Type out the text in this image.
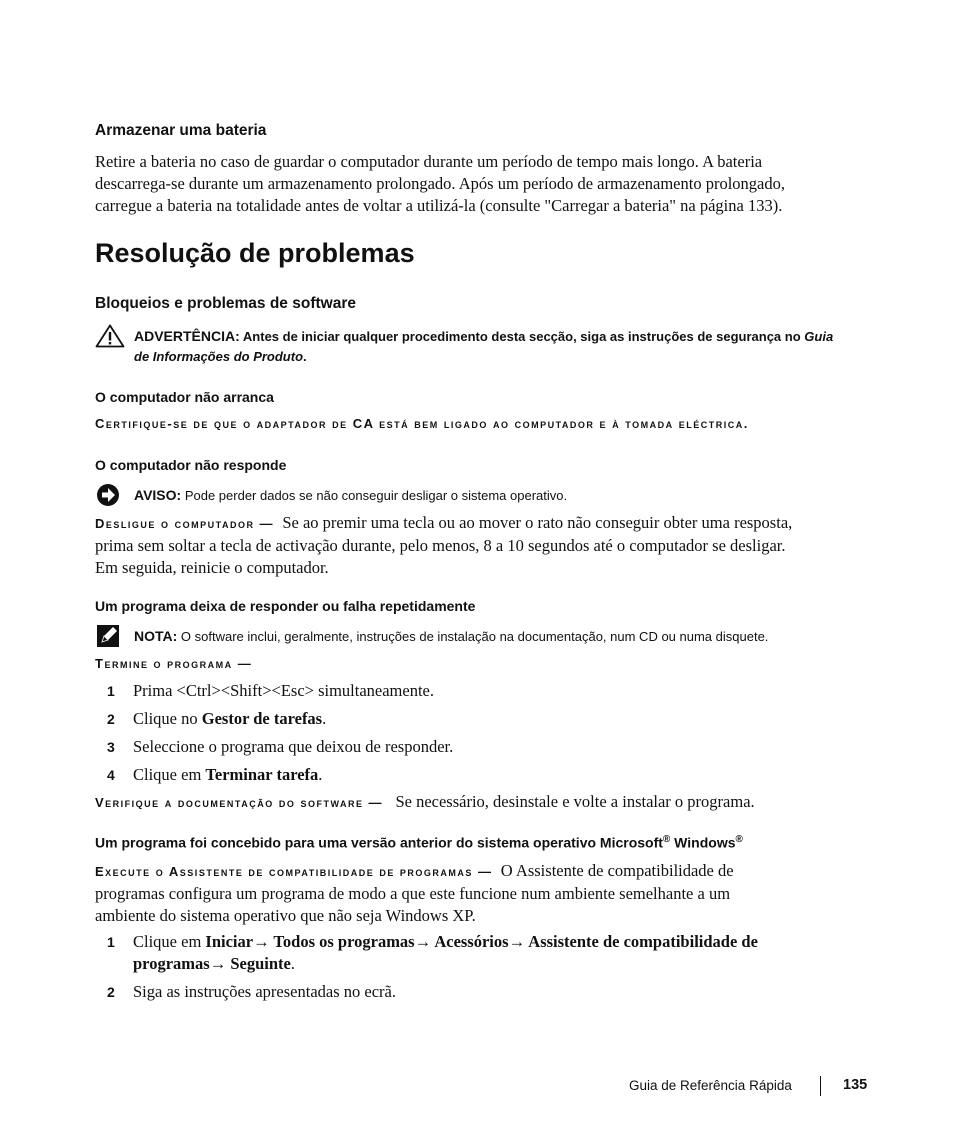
Armazenar uma bateria
Retire a bateria no caso de guardar o computador durante um período de tempo mais longo. A bateria
descarrega-se durante um armazenamento prolongado. Após um período de armazenamento prolongado,
carregue a bateria na totalidade antes de voltar a utilizá-la (consulte "Carregar a bateria" na página 133).
Resolução de problemas
Bloqueios e problemas de software
ADVERTÊNCIA: Antes de iniciar qualquer procedimento desta secção, siga as instruções de segurança no Guia
de Informações do Produto.
O computador não arranca
Certifique-se de que o adaptador de CA está bem ligado ao computador e à tomada eléctrica.
O computador não responde
AVISO: Pode perder dados se não conseguir desligar o sistema operativo.
Desligue o computador — Se ao premir uma tecla ou ao mover o rato não conseguir obter uma resposta,
prima sem soltar a tecla de activação durante, pelo menos, 8 a 10 segundos até o computador se desligar.
Em seguida, reinicie o computador.
Um programa deixa de responder ou falha repetidamente
NOTA: O software inclui, geralmente, instruções de instalação na documentação, num CD ou numa disquete.
Termine o programa —
1 Prima <Ctrl><Shift><Esc> simultaneamente.
2 Clique no Gestor de tarefas.
3 Seleccione o programa que deixou de responder.
4 Clique em Terminar tarefa.
Verifique a documentação do software — Se necessário, desinstale e volte a instalar o programa.
Um programa foi concebido para uma versão anterior do sistema operativo Microsoft® Windows®
Execute o Assistente de compatibilidade de programas — O Assistente de compatibilidade de
programas configura um programa de modo a que este funcione num ambiente semelhante a um
ambiente do sistema operativo que não seja Windows XP.
1 Clique em Iniciar→ Todos os programas→ Acessórios→ Assistente de compatibilidade de
programas→ Seguinte.
2 Siga as instruções apresentadas no ecrã.
Guia de Referência Rápida	135
